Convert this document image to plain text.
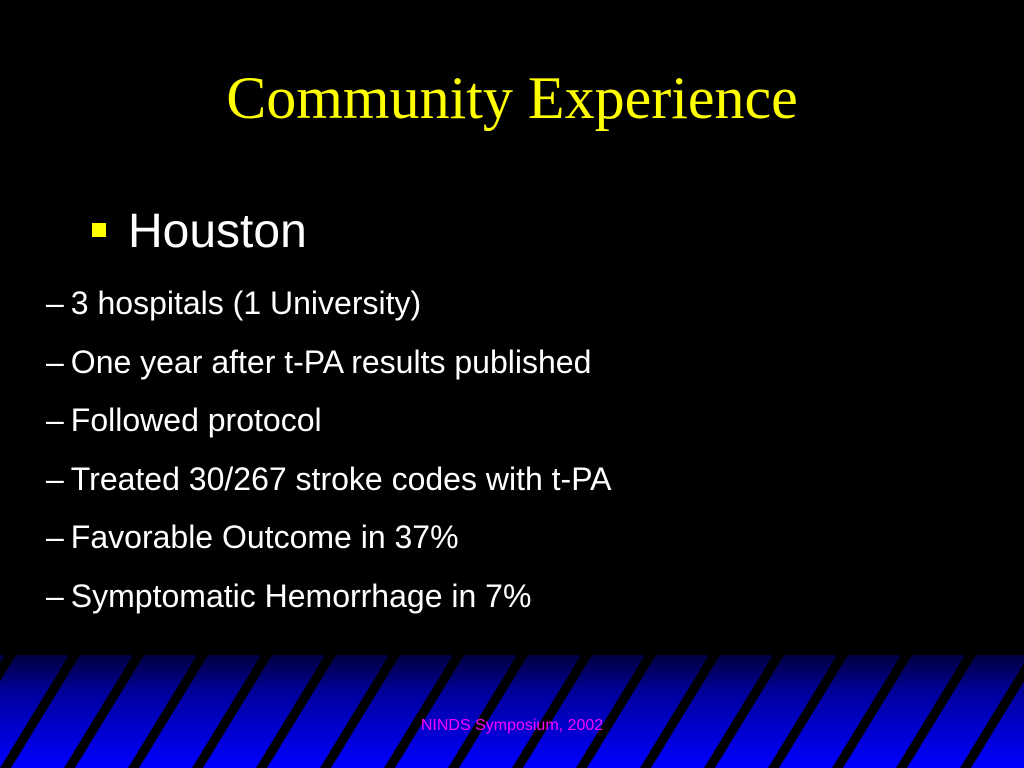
Community Experience
Houston
– 3 hospitals (1 University)
– One year after t-PA results published
– Followed protocol
– Treated 30/267 stroke codes with t-PA
– Favorable Outcome in 37%
– Symptomatic Hemorrhage in 7%
NINDS Symposium, 2002
